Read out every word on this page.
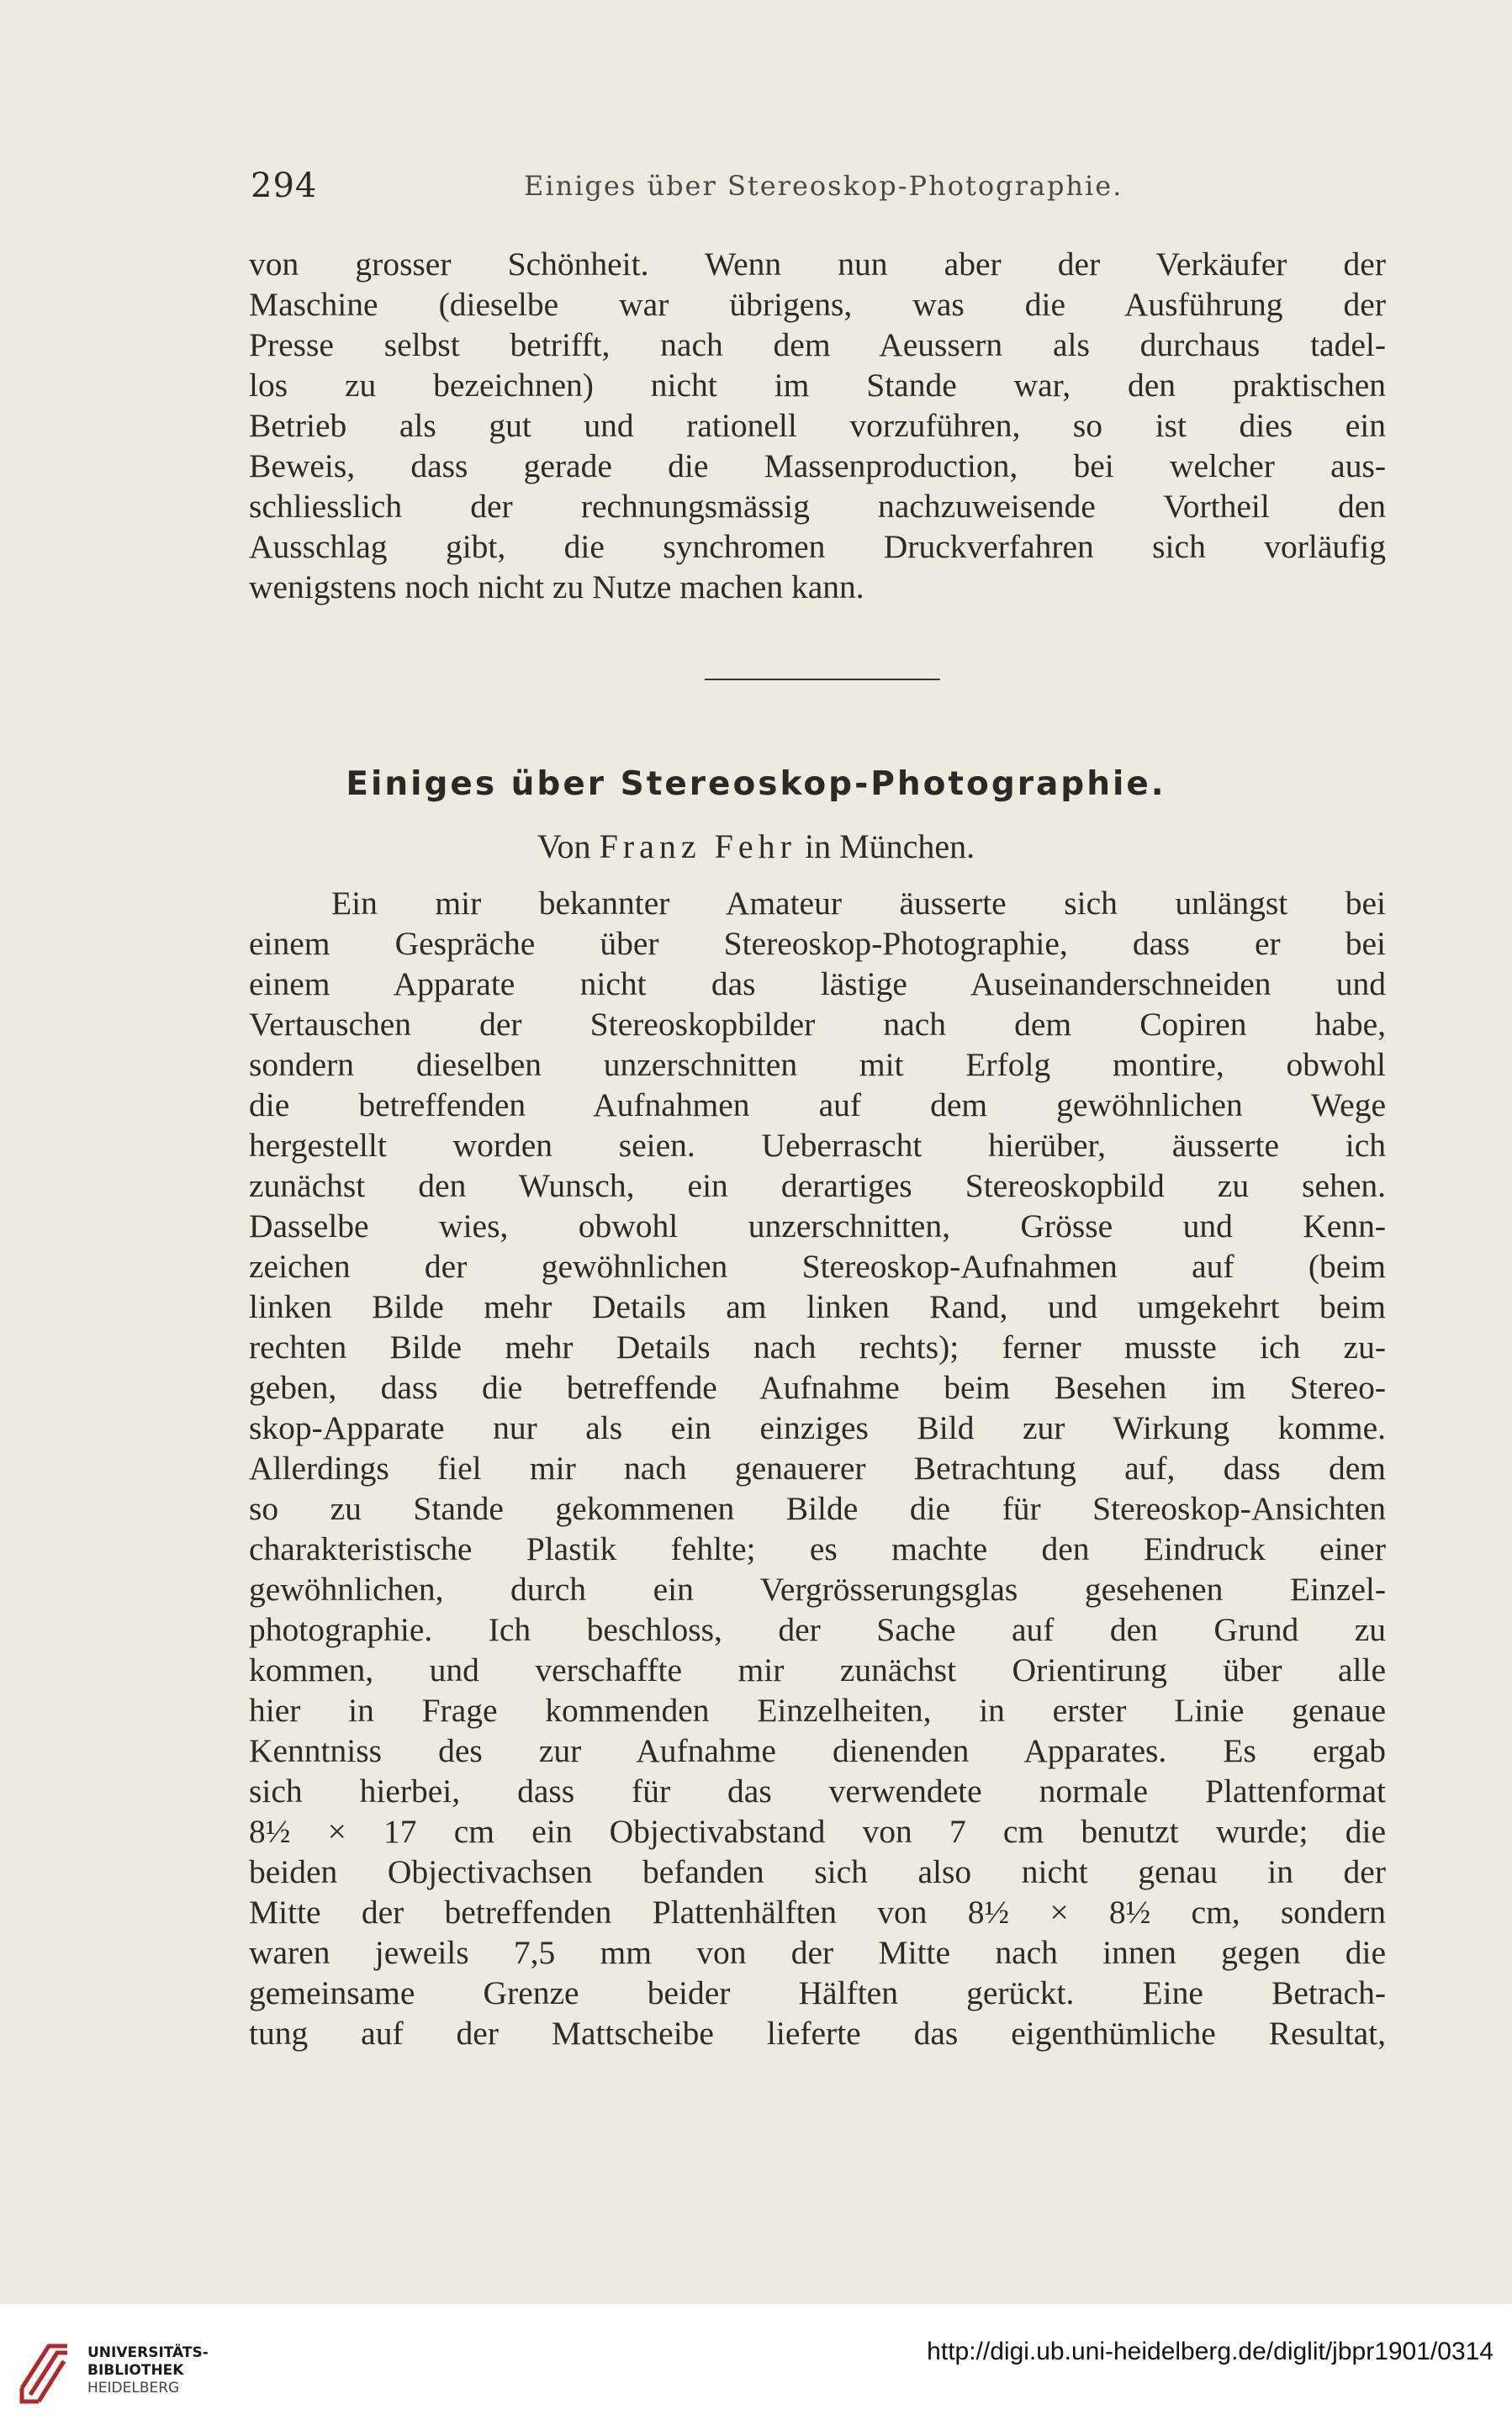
294	Einiges über Stereoskop-Photographie.
von grosser Schönheit. Wenn nun aber der Verkäufer der
Maschine (dieselbe war übrigens, was die Ausführung der
Presse selbst betrifft, nach dem Aeussern als durchaus tadel-
los zu bezeichnen) nicht im Stande war, den praktischen
Betrieb als gut und rationell vorzuführen, so ist dies ein
Beweis, dass gerade die Massenproduction, bei welcher aus-
schliesslich der rechnungsmässig nachzuweisende Vortheil den
Ausschlag gibt, die synchromen Druckverfahren sich vorläufig
wenigstens noch nicht zu Nutze machen kann.
Einiges über Stereoskop-Photographie.
Von Franz Fehr in München.
Ein mir bekannter Amateur äusserte sich unlängst bei
einem Gespräche über Stereoskop-Photographie, dass er bei
einem Apparate nicht das lästige Auseinanderschneiden und
Vertauschen der Stereoskopbilder nach dem Copiren habe,
sondern dieselben unzerschnitten mit Erfolg montire, obwohl
die betreffenden Aufnahmen auf dem gewöhnlichen Wege
hergestellt worden seien. Ueberrascht hierüber, äusserte ich
zunächst den Wunsch, ein derartiges Stereoskopbild zu sehen.
Dasselbe wies, obwohl unzerschnitten, Grösse und Kenn-
zeichen der gewöhnlichen Stereoskop-Aufnahmen auf (beim
linken Bilde mehr Details am linken Rand, und umgekehrt beim
rechten Bilde mehr Details nach rechts); ferner musste ich zu-
geben, dass die betreffende Aufnahme beim Besehen im Stereo-
skop-Apparate nur als ein einziges Bild zur Wirkung komme.
Allerdings fiel mir nach genauerer Betrachtung auf, dass dem
so zu Stande gekommenen Bilde die für Stereoskop-Ansichten
charakteristische Plastik fehlte; es machte den Eindruck einer
gewöhnlichen, durch ein Vergrösserungsglas gesehenen Einzel-
photographie. Ich beschloss, der Sache auf den Grund zu
kommen, und verschaffte mir zunächst Orientirung über alle
hier in Frage kommenden Einzelheiten, in erster Linie genaue
Kenntniss des zur Aufnahme dienenden Apparates. Es ergab
sich hierbei, dass für das verwendete normale Plattenformat
8½ × 17 cm ein Objectivabstand von 7 cm benutzt wurde; die
beiden Objectivachsen befanden sich also nicht genau in der
Mitte der betreffenden Plattenhälften von 8½ × 8½ cm, sondern
waren jeweils 7,5 mm von der Mitte nach innen gegen die
gemeinsame Grenze beider Hälften gerückt. Eine Betrach-
tung auf der Mattscheibe lieferte das eigenthümliche Resultat,
UNIVERSITÄTS-
BIBLIOTHEK
HEIDELBERG
http://digi.ub.uni-heidelberg.de/diglit/jbpr1901/0314
